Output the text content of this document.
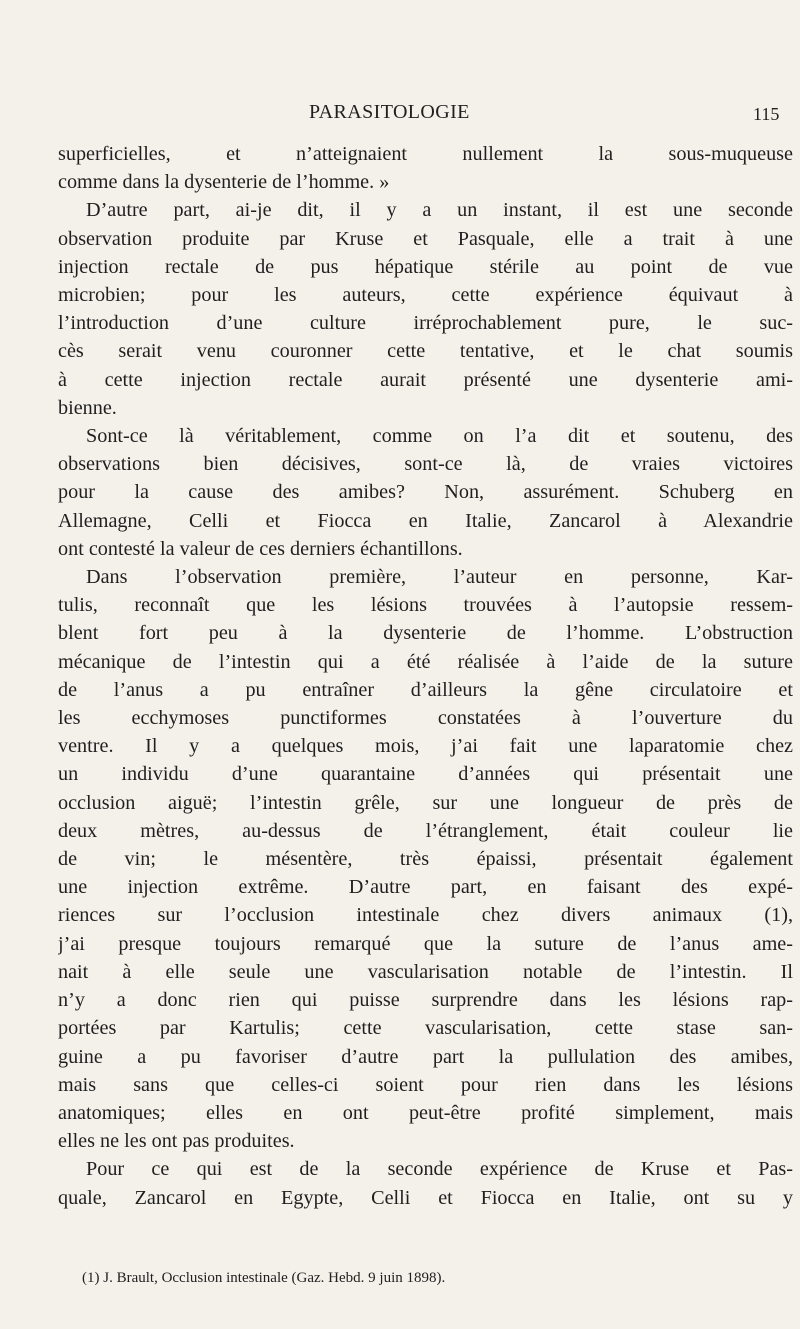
PARASITOLOGIE	115
superficielles, et n’atteignaient nullement la sous-muqueuse
comme dans la dysenterie de l’homme. »
D’autre part, ai-je dit, il y a un instant, il est une seconde
observation produite par Kruse et Pasquale, elle a trait à une
injection rectale de pus hépatique stérile au point de vue
microbien; pour les auteurs, cette expérience équivaut à
l’introduction d’une culture irréprochablement pure, le suc-
cès serait venu couronner cette tentative, et le chat soumis
à cette injection rectale aurait présenté une dysenterie ami-
bienne.
Sont-ce là véritablement, comme on l’a dit et soutenu, des
observations bien décisives, sont-ce là, de vraies victoires
pour la cause des amibes? Non, assurément. Schuberg en
Allemagne, Celli et Fiocca en Italie, Zancarol à Alexandrie
ont contesté la valeur de ces derniers échantillons.
Dans l’observation première, l’auteur en personne, Kar-
tulis, reconnaît que les lésions trouvées à l’autopsie ressem-
blent fort peu à la dysenterie de l’homme. L’obstruction
mécanique de l’intestin qui a été réalisée à l’aide de la suture
de l’anus a pu entraîner d’ailleurs la gêne circulatoire et
les ecchymoses punctiformes constatées à l’ouverture du
ventre. Il y a quelques mois, j’ai fait une laparatomie chez
un individu d’une quarantaine d’années qui présentait une
occlusion aiguë; l’intestin grêle, sur une longueur de près de
deux mètres, au-dessus de l’étranglement, était couleur lie
de vin; le mésentère, très épaissi, présentait également
une injection extrême. D’autre part, en faisant des expé-
riences sur l’occlusion intestinale chez divers animaux (1),
j’ai presque toujours remarqué que la suture de l’anus ame-
nait à elle seule une vascularisation notable de l’intestin. Il
n’y a donc rien qui puisse surprendre dans les lésions rap-
portées par Kartulis; cette vascularisation, cette stase san-
guine a pu favoriser d’autre part la pullulation des amibes,
mais sans que celles-ci soient pour rien dans les lésions
anatomiques; elles en ont peut-être profité simplement, mais
elles ne les ont pas produites.
Pour ce qui est de la seconde expérience de Kruse et Pas-
quale, Zancarol en Egypte, Celli et Fiocca en Italie, ont su y
(1) J. Brault, Occlusion intestinale (Gaz. Hebd. 9 juin 1898).
